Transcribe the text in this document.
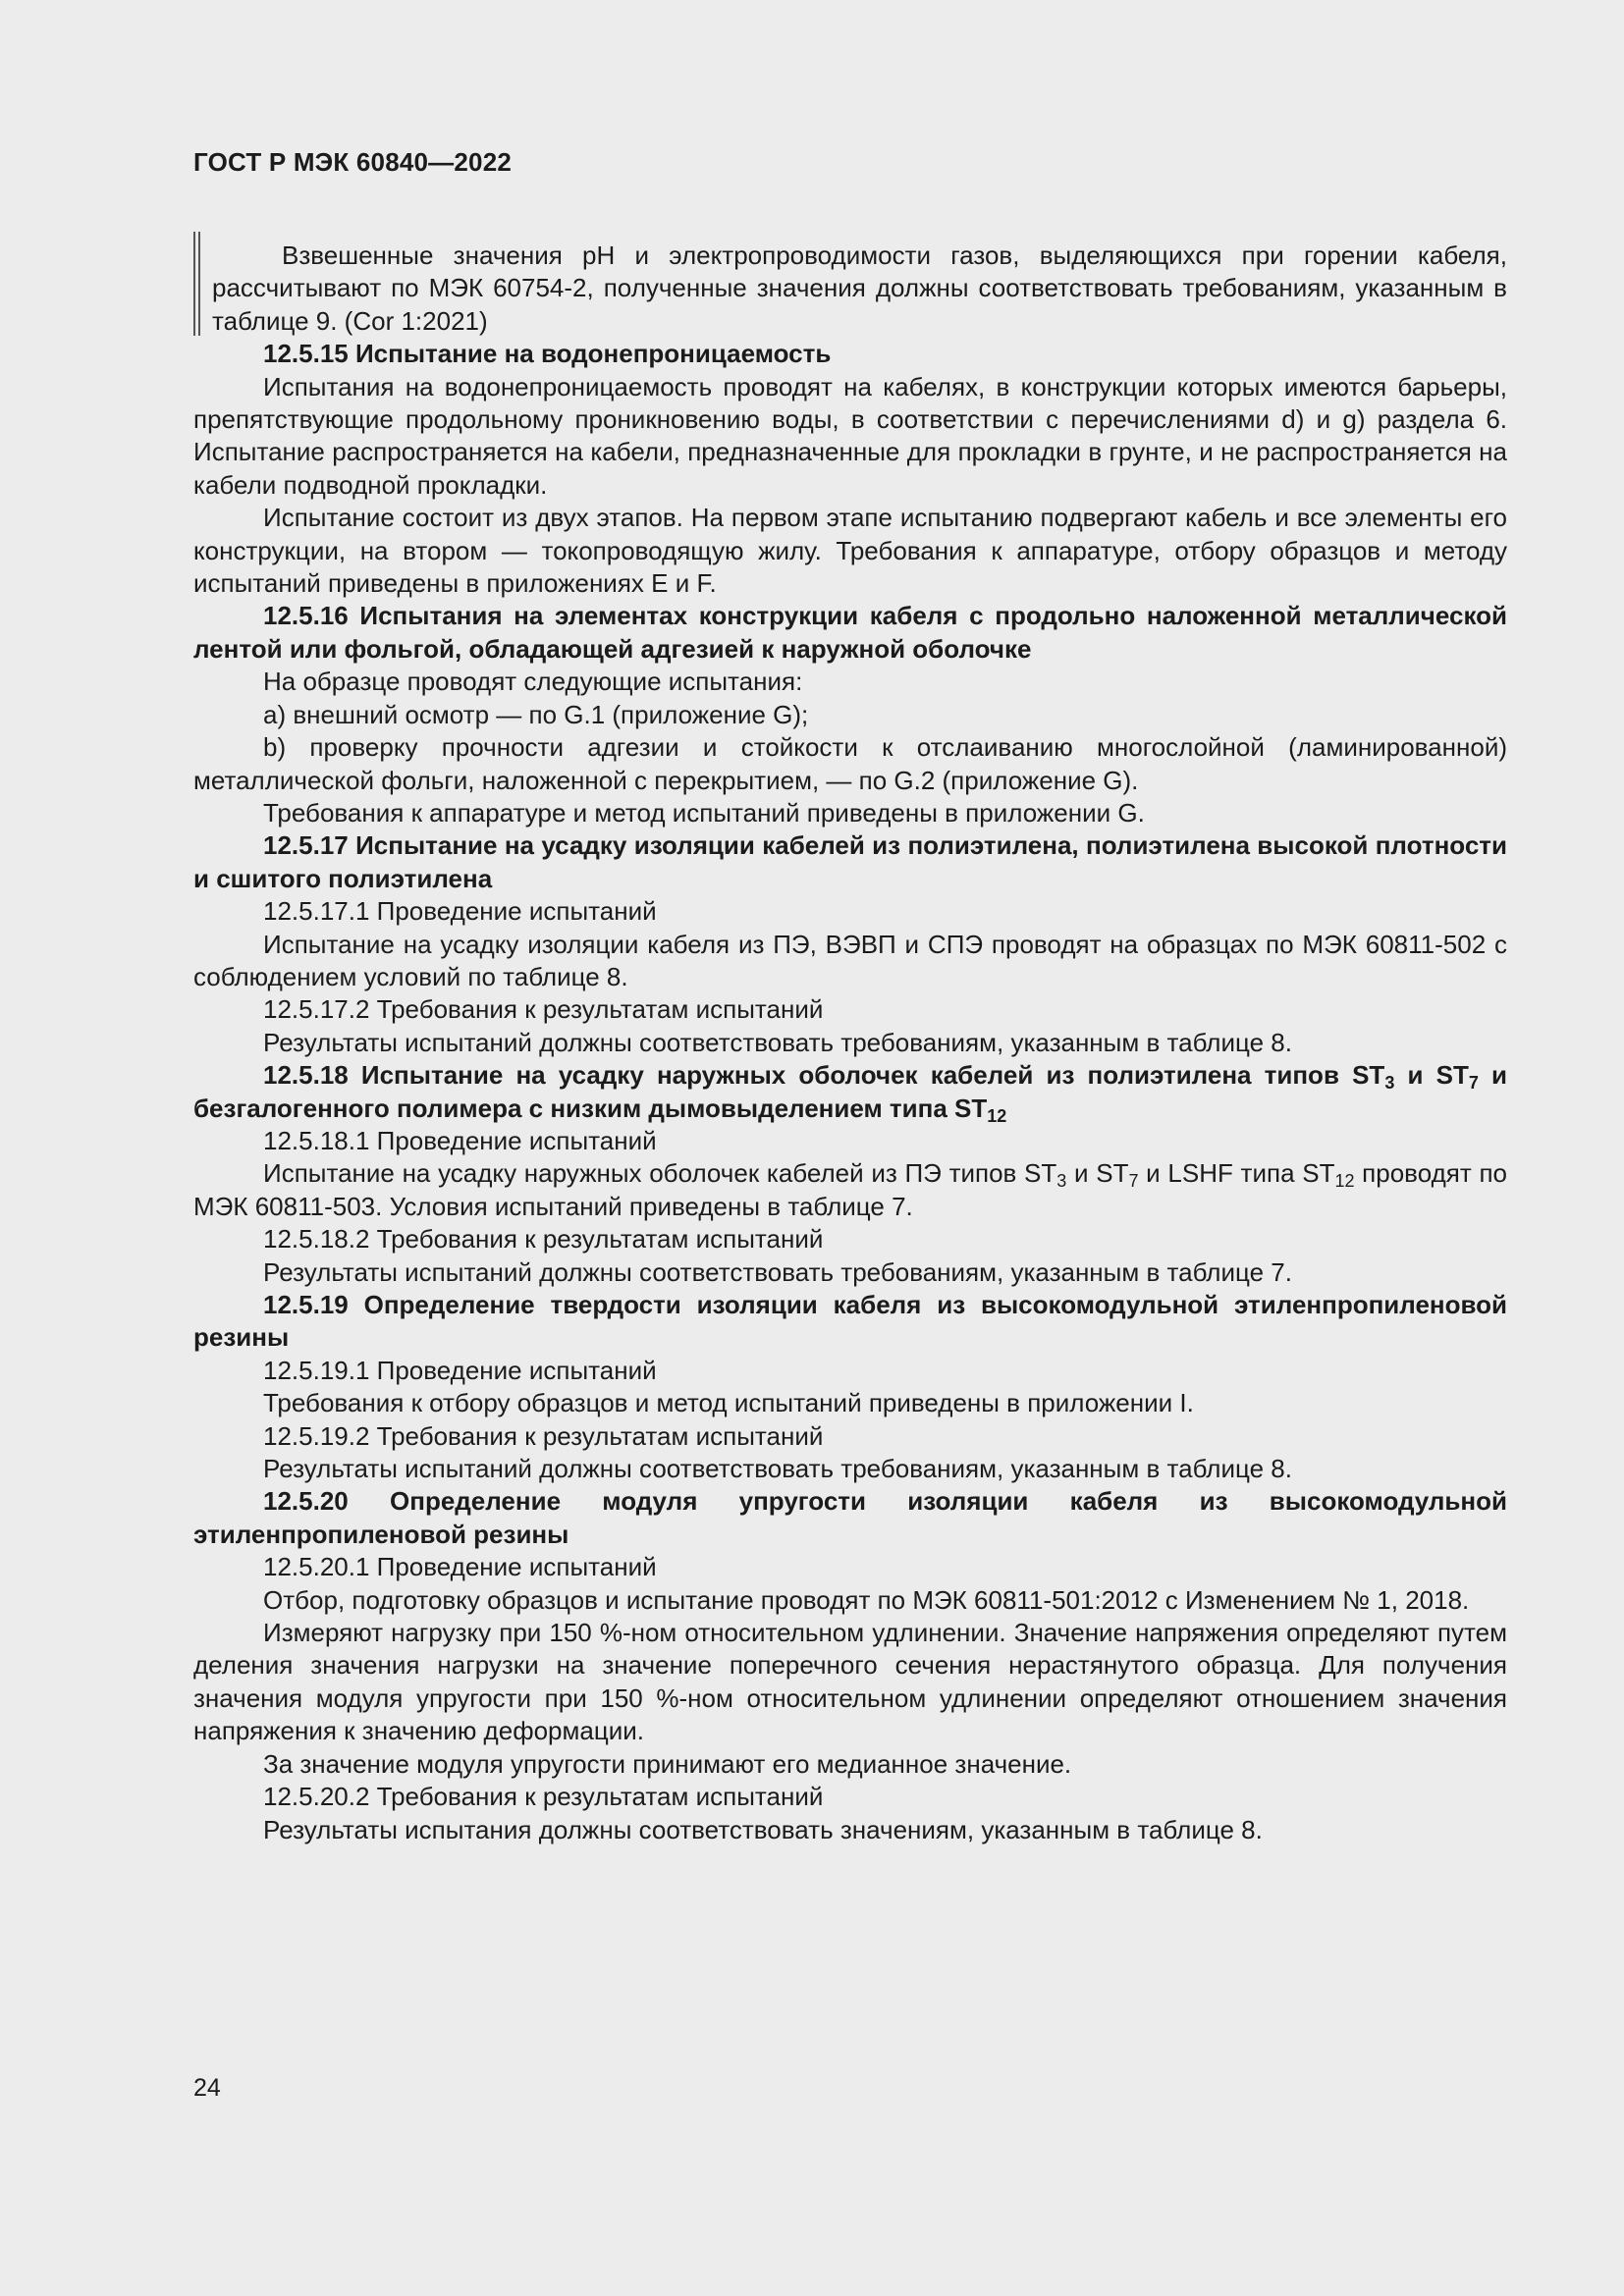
ГОСТ Р МЭК 60840—2022

Взвешенные значения pH и электропроводимости газов, выделяющихся при горении кабеля, рассчитывают по МЭК 60754-2, полученные значения должны соответствовать требованиям, указанным в таблице 9. (Cor 1:2021)

12.5.15 Испытание на водонепроницаемость

Испытания на водонепроницаемость проводят на кабелях, в конструкции которых имеются барьеры, препятствующие продольному проникновению воды, в соответствии с перечислениями d) и g) раздела 6. Испытание распространяется на кабели, предназначенные для прокладки в грунте, и не распространяется на кабели подводной прокладки.

Испытание состоит из двух этапов. На первом этапе испытанию подвергают кабель и все элементы его конструкции, на втором — токопроводящую жилу. Требования к аппаратуре, отбору образцов и методу испытаний приведены в приложениях E и F.

12.5.16 Испытания на элементах конструкции кабеля с продольно наложенной металлической лентой или фольгой, обладающей адгезией к наружной оболочке

На образце проводят следующие испытания:

a) внешний осмотр — по G.1 (приложение G);

b) проверку прочности адгезии и стойкости к отслаиванию многослойной (ламинированной) металлической фольги, наложенной с перекрытием, — по G.2 (приложение G).

Требования к аппаратуре и метод испытаний приведены в приложении G.

12.5.17 Испытание на усадку изоляции кабелей из полиэтилена, полиэтилена высокой плотности и сшитого полиэтилена

12.5.17.1 Проведение испытаний

Испытание на усадку изоляции кабеля из ПЭ, ВЭВП и СПЭ проводят на образцах по МЭК 60811-502 с соблюдением условий по таблице 8.

12.5.17.2 Требования к результатам испытаний

Результаты испытаний должны соответствовать требованиям, указанным в таблице 8.

12.5.18 Испытание на усадку наружных оболочек кабелей из полиэтилена типов $ST_3$ и $ST_7$ и безгалогенного полимера с низким дымовыделением типа $ST_{12}$

12.5.18.1 Проведение испытаний

Испытание на усадку наружных оболочек кабелей из ПЭ типов $ST_3$ и $ST_7$ и LSHF типа $ST_{12}$ проводят по МЭК 60811-503. Условия испытаний приведены в таблице 7.

12.5.18.2 Требования к результатам испытаний

Результаты испытаний должны соответствовать требованиям, указанным в таблице 7.

12.5.19 Определение твердости изоляции кабеля из высокомодульной этиленпропиленовой резины

12.5.19.1 Проведение испытаний

Требования к отбору образцов и метод испытаний приведены в приложении I.

12.5.19.2 Требования к результатам испытаний

Результаты испытаний должны соответствовать требованиям, указанным в таблице 8.

12.5.20 Определение модуля упругости изоляции кабеля из высокомодульной этиленпропиленовой резины

12.5.20.1 Проведение испытаний

Отбор, подготовку образцов и испытание проводят по МЭК 60811-501:2012 с Изменением № 1, 2018.

Измеряют нагрузку при 150 %-ном относительном удлинении. Значение напряжения определяют путем деления значения нагрузки на значение поперечного сечения нерастянутого образца. Для получения значения модуля упругости при 150 %-ном относительном удлинении определяют отношением значения напряжения к значению деформации.

За значение модуля упругости принимают его медианное значение.

12.5.20.2 Требования к результатам испытаний

Результаты испытания должны соответствовать значениям, указанным в таблице 8.

24
